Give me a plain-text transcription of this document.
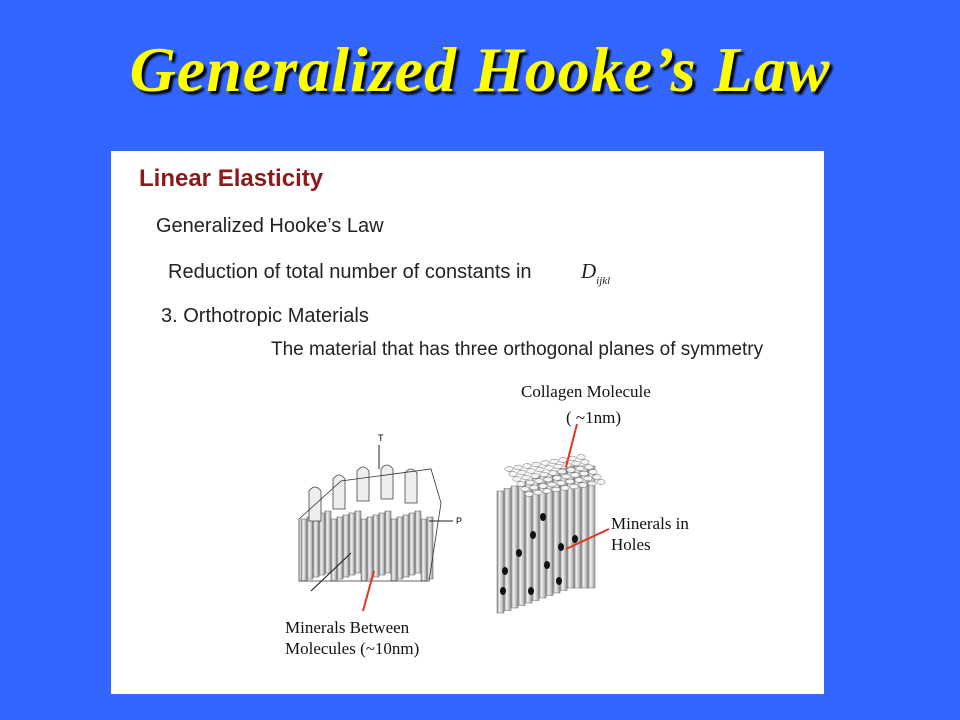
Generalized Hooke’s Law
Linear Elasticity
Generalized Hooke’s Law
Reduction of total number of constants in $D_{ijkl}$
3. Orthotropic Materials
The material that has three orthogonal planes of symmetry
T
P
Collagen Molecule
( ~1nm)
Minerals in
Holes
Minerals Between
Molecules (~10nm)
